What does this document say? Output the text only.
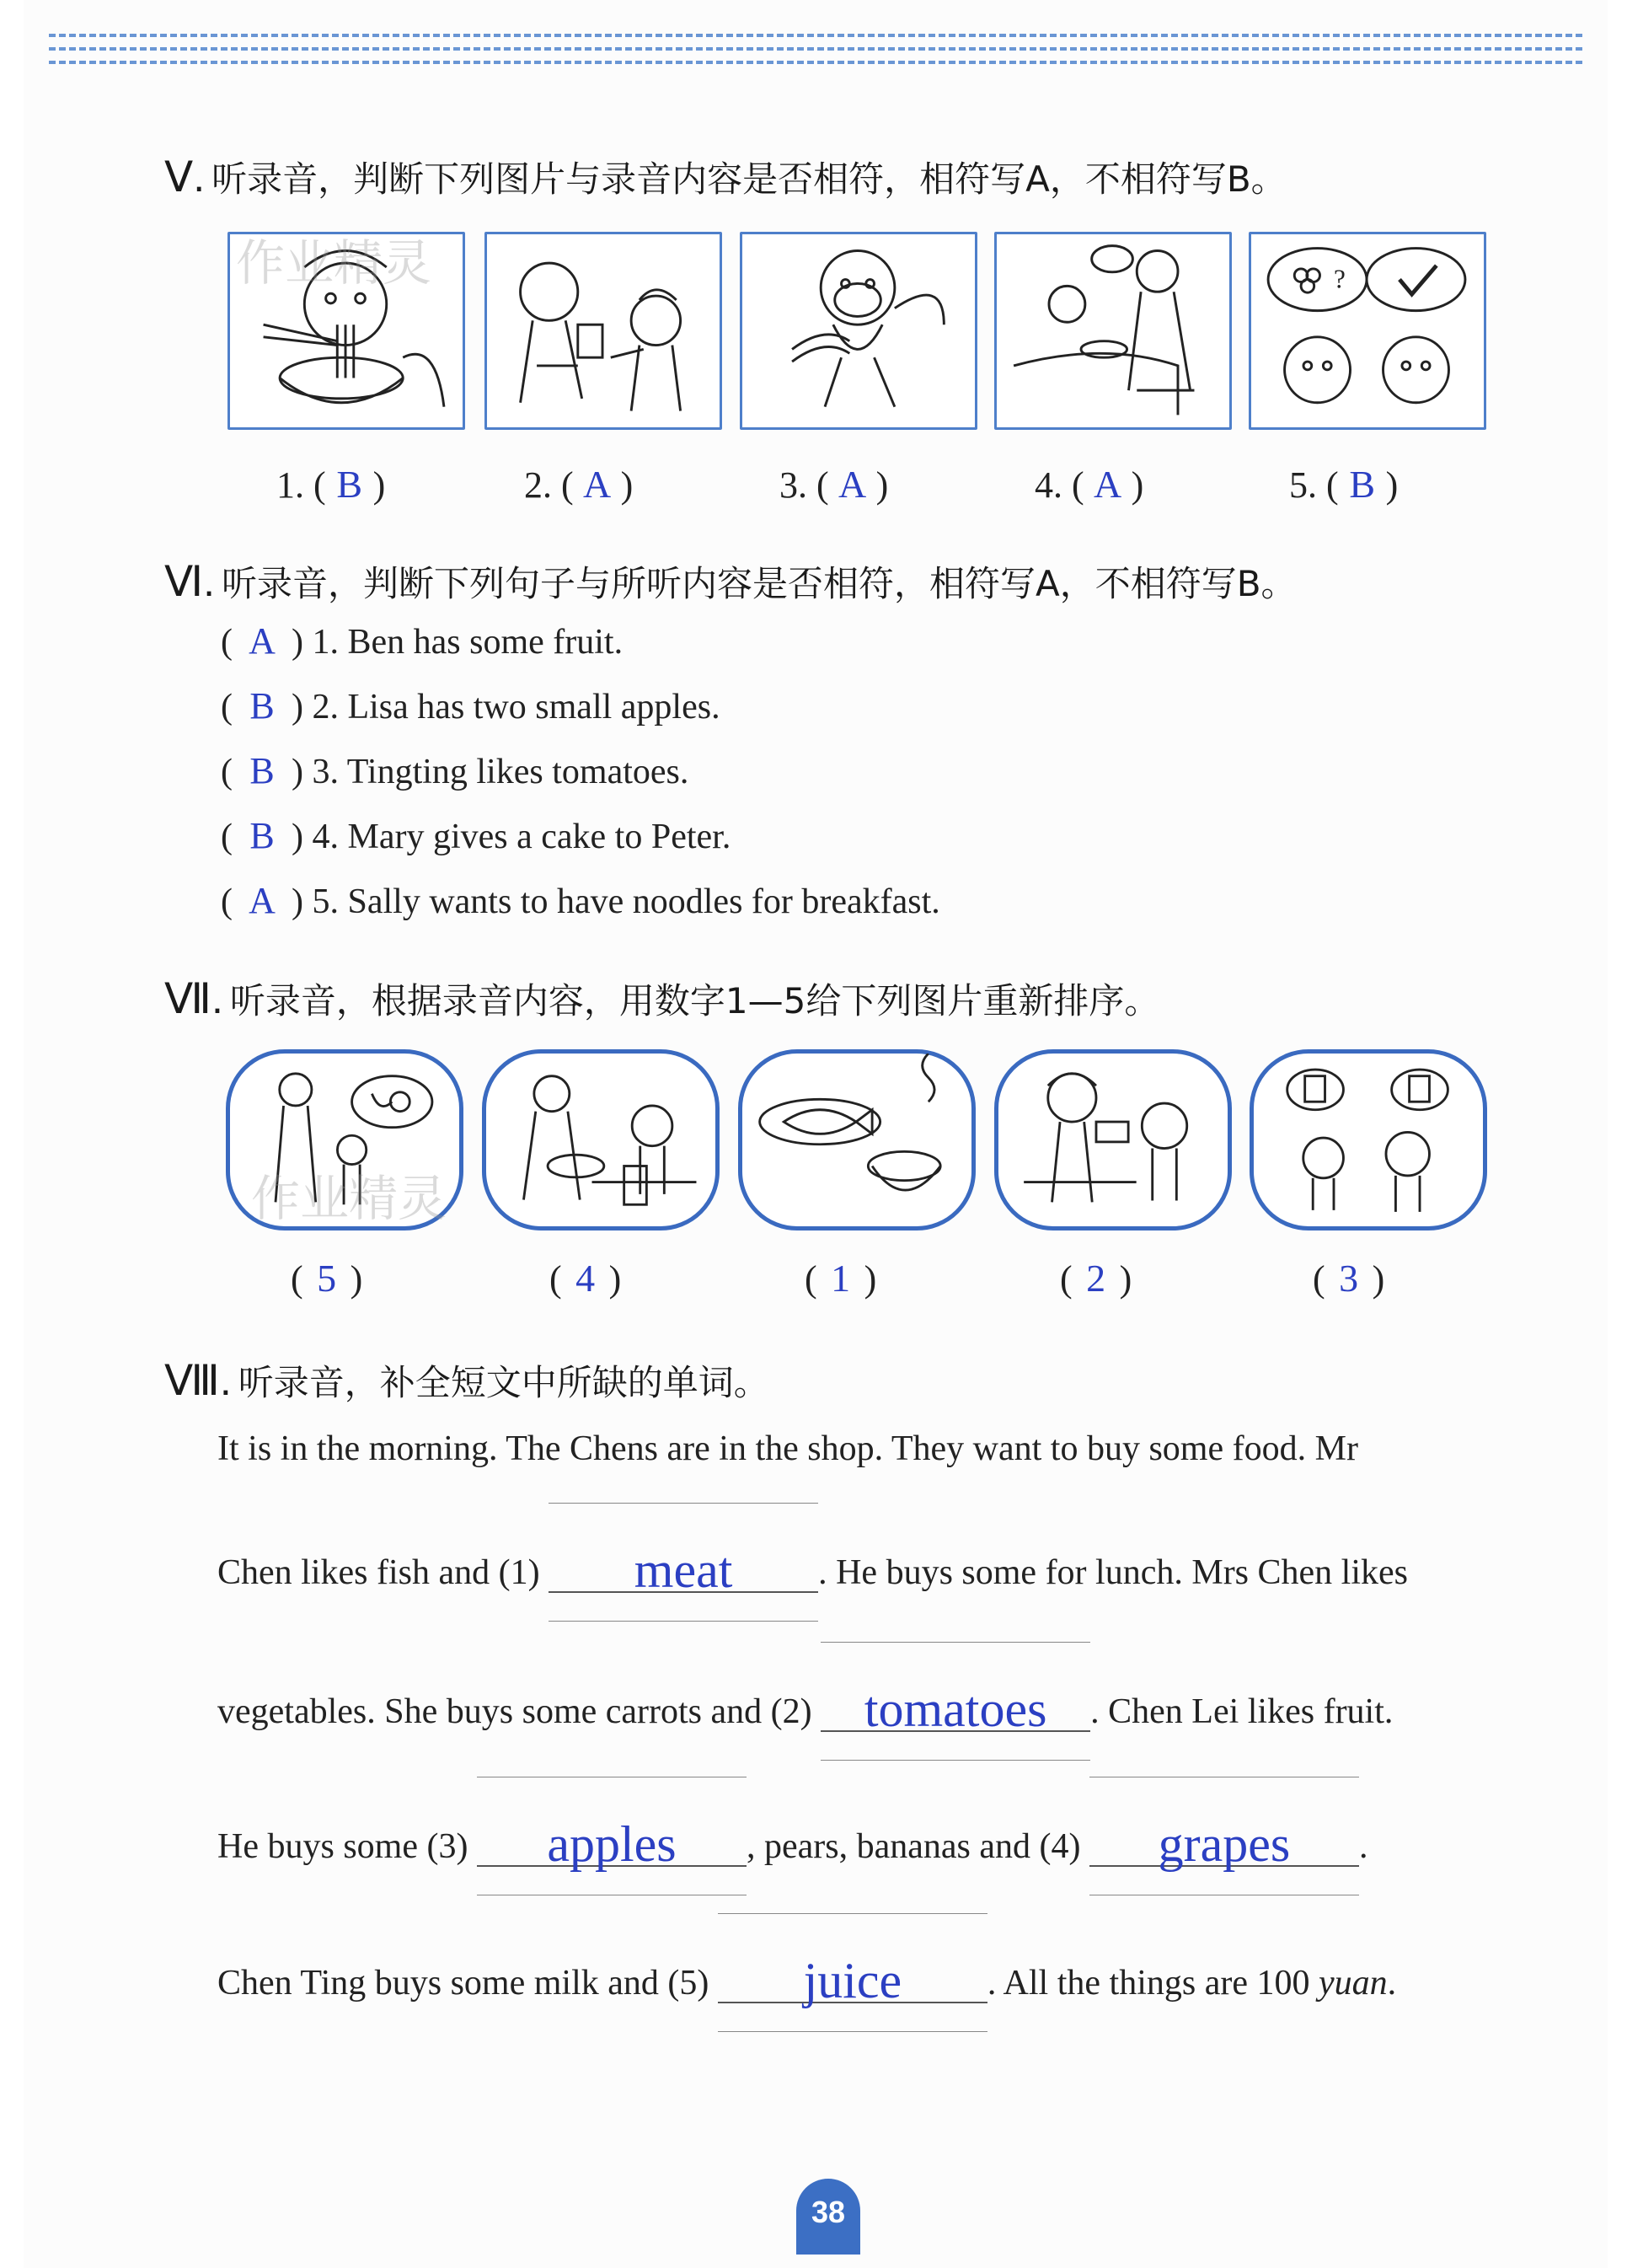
Ⅴ. 听录音，判断下列图片与录音内容是否相符，相符写A，不相符写B。
?
作业精灵
1. ( B )	2. ( A )	3. ( A )	4. ( A )	5. ( B )
Ⅵ. 听录音，判断下列句子与所听内容是否相符，相符写A，不相符写B。
( A ) 1. Ben has some fruit.
( B ) 2. Lisa has two small apples.
( B ) 3. Tingting likes tomatoes.
( B ) 4. Mary gives a cake to Peter.
( A ) 5. Sally wants to have noodles for breakfast.
Ⅶ. 听录音，根据录音内容，用数字1—5给下列图片重新排序。
作业精灵
( 5 )	( 4 )	( 1 )	( 2 )	( 3 )
Ⅷ. 听录音，补全短文中所缺的单词。
It is in the morning. The Chens are in the shop. They want to buy some food. Mr
Chen likes fish and (1) meat . He buys some for lunch. Mrs Chen likes
vegetables. She buys some carrots and (2) tomatoes . Chen Lei likes fruit.
He buys some (3) apples , pears, bananas and (4) grapes .
Chen Ting buys some milk and (5) juice . All the things are 100 yuan.
38
